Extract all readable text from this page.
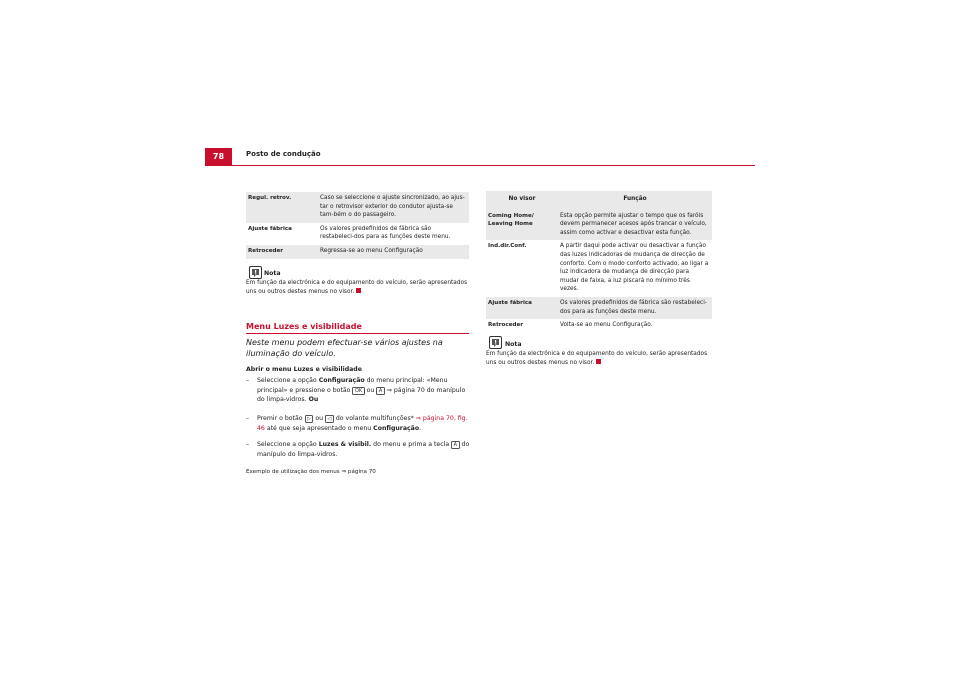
78	Posto de condução
Regul. retrov.	Caso se seleccione o ajuste sincronizado, ao ajus-tar o retrovisor exterior do condutor ajusta-se tam-bém o do passageiro.
Ajuste fábrica	Os valores predefinidos de fábrica são restabeleci-dos para as funções deste menu.
Retroceder	Regressa-se ao menu Configuração
Nota
Em função da electrónica e do equipamento do veículo, serão apresentados uns ou outros destes menus no visor.
Menu Luzes e visibilidade
Neste menu podem efectuar-se vários ajustes na iluminação do veículo.
Abrir o menu Luzes e visibilidade
– Seleccione a opção Configuração do menu principal: «Menu principal» e pressione o botão OK ou A ⇒ página 70 do manípulo do limpa-vidros. Ou
– Premir o botão ▷ ou ◁ do volante multifunções* ⇒ página 70, fig. 46 até que seja apresentado o menu Configuração.
– Seleccione a opção Luzes & visibil. do menu e prima a tecla A do manípulo do limpa-vidros.
Exemplo de utilização dos menus ⇒ página 70
No visor	Função
Coming Home/ Leaving Home	Esta opção permite ajustar o tempo que os faróis devem permanecer acesos após trancar o veículo, assim como activar e desactivar esta função.
Ind.dir.Conf.	A partir daqui pode activar ou desactivar a função das luzes indicadoras de mudança de direcção de conforto. Com o modo conforto activado, ao ligar a luz indicadora de mudança de direcção para mudar de faixa, a luz piscará no mínimo três vezes.
Ajuste fábrica	Os valores predefinidos de fábrica são restabeleci-dos para as funções deste menu.
Retroceder	Volta-se ao menu Configuração.
Nota
Em função da electrónica e do equipamento do veículo, serão apresentados uns ou outros destes menus no visor.
